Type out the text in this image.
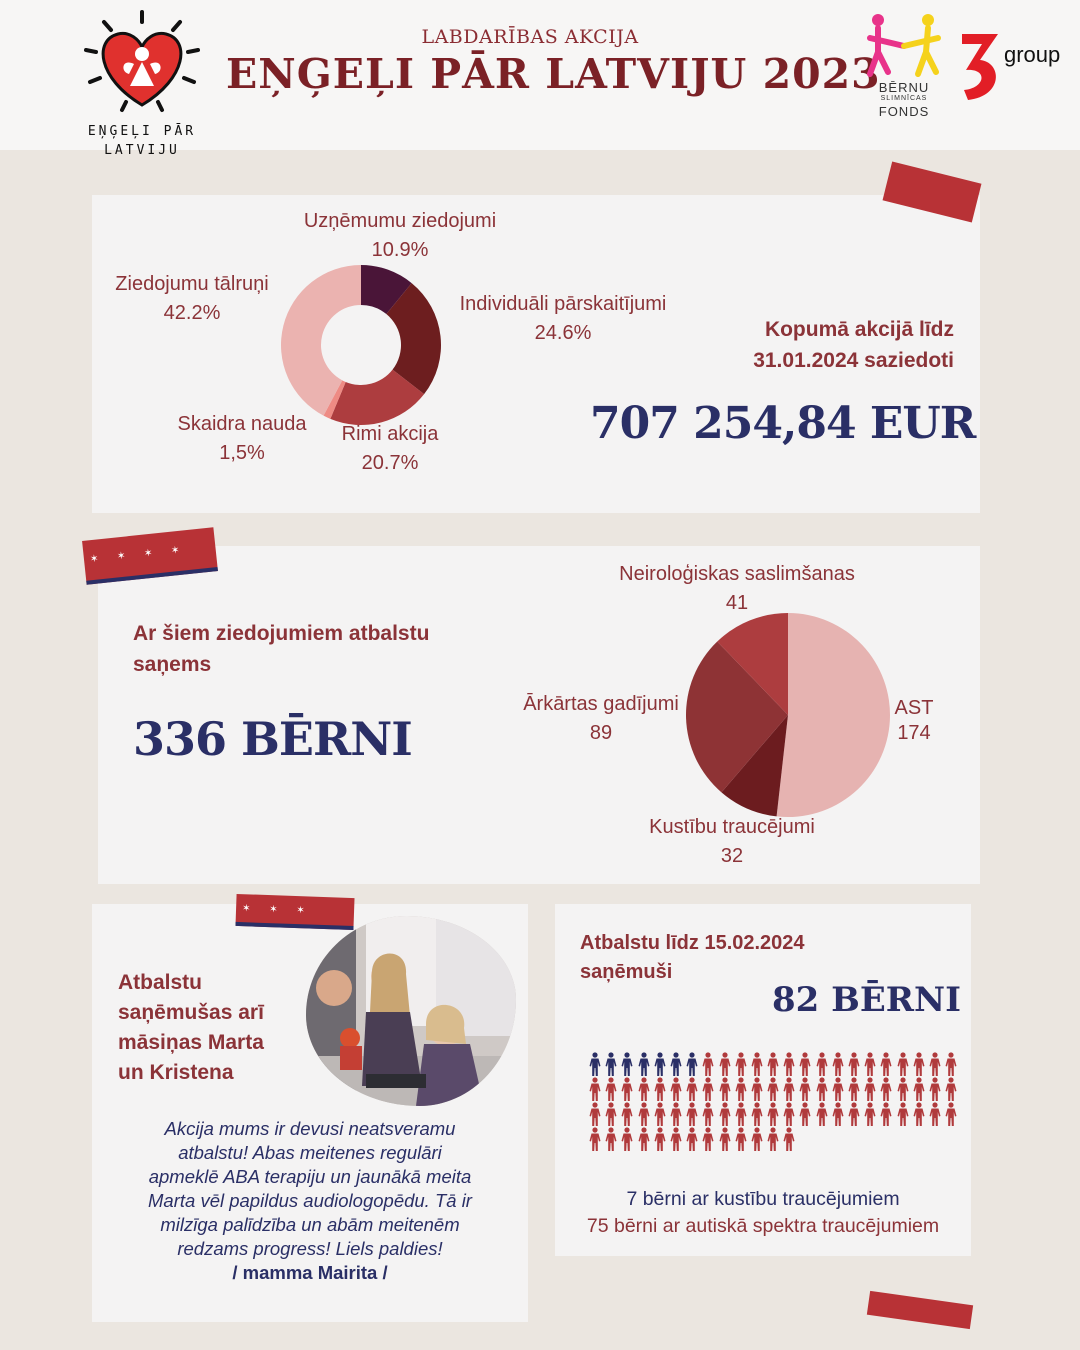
EŅĢEĻI PĀR
LATVIJU
LABDARĪBAS AKCIJA
EŅĢEĻI PĀR LATVIJU 2023
BĒRNU
SLIMNĪCAS
FONDS
group
Uzņēmumu ziedojumi
10.9%
Individuāli pārskaitījumi
24.6%
Rimi akcija
20.7%
Skaidra nauda
1,5%
Ziedojumu tālruņi
42.2%
Kopumā akcijā līdz
31.01.2024 saziedoti
707 254,84 EUR
✶ ✶ ✶ ✶
Ar šiem ziedojumiem atbalstu
saņems
336 BĒRNI
Neiroloģiskas saslimšanas
41
AST
174
Ārkārtas gadījumi
89
Kustību traucējumi
32
✶ ✶ ✶
Atbalstu
saņēmušas arī
māsiņas Marta
un Kristena
Akcija mums ir devusi neatsveramu
atbalstu! Abas meitenes regulāri
apmeklē ABA terapiju un jaunākā meita
Marta vēl papildus audiologopēdu. Tā ir
milzīga palīdzība un abām meitenēm
redzams progress! Liels paldies!
/ mamma Mairita /
Atbalstu līdz 15.02.2024
saņēmuši
82 BĒRNI
7 bērni ar kustību traucējumiem
75 bērni ar autiskā spektra traucējumiem
